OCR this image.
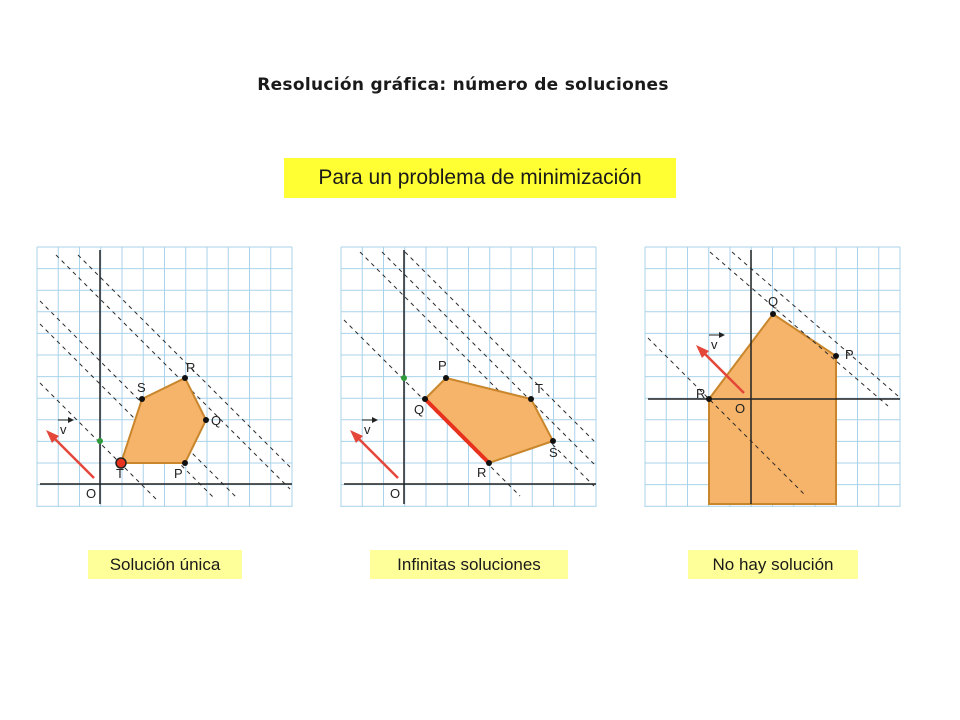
Resolución gráfica: número de soluciones
Para un problema de minimización
v
T
S
R
Q
P
O
v
Q
P
T
S
R
O
v
R
Q
P
O
Solución única	Infinitas soluciones	No hay solución
